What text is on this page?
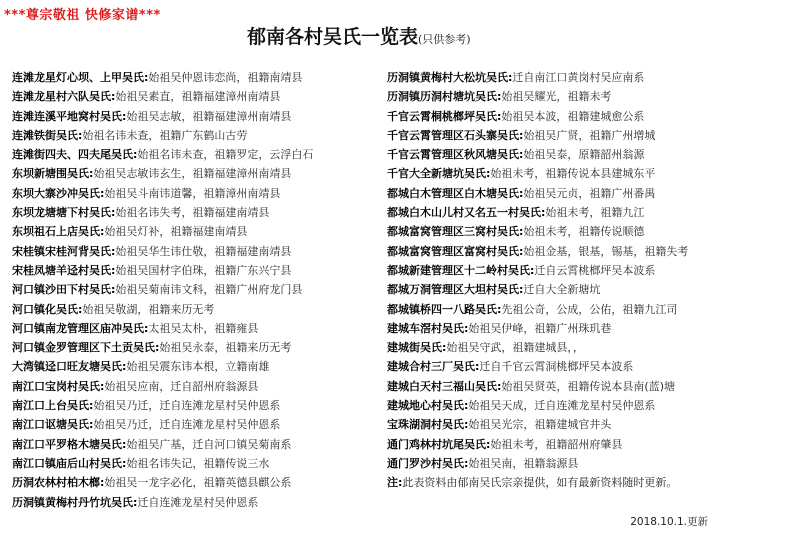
***尊宗敬祖 快修家谱***
郁南各村吴氏一览表(只供参考)
连滩龙星灯心坝、上甲吴氏:始祖吴仲恩讳恋尚，祖籍南靖县
连滩龙星村六队吴氏:始祖吴素直，祖籍福建漳州南靖县
连滩连溪平地窝村吴氏:始祖吴志敏，祖籍福建漳州南靖县
连滩铁街吴氏:始祖名讳未查，祖籍广东鹤山古劳
连滩街四夫、四夫尾吴氏:始祖名讳未查，祖籍罗定，云浮白石
东坝新塘围吴氏:始祖吴志敏讳玄生，祖籍福建漳州南靖县
东坝大寨沙冲吴氏:始祖吴斗南讳道馨，祖籍漳州南靖县
东坝龙塘塘下村吴氏:始祖名讳失考，祖籍福建南靖县
东坝祖石上店吴氏:始祖吴灯补，祖籍福建南靖县
宋桂镇宋桂河背吴氏:始祖吴华生讳仕敬，祖籍福建南靖县
宋桂凤塘羊迳村吴氏:始祖吴国材字伯珠，祖籍广东兴宁县
河口镇沙田下村吴氏:始祖吴菊南讳文科，祖籍广州府龙门县
河口镇化吴氏:始祖吴敬湖，祖籍来历无考
河口镇南龙管理区庙冲吴氏:太祖吴太朴，祖籍雍县
河口镇金罗管理区下土贡吴氏:始祖吴永泰，祖籍来历无考
大湾镇迳口旺友塘吴氏:始祖吴震东讳本根，立籍南雄
南江口宝岗村吴氏:始祖吴应南，迁自韶州府翁源县
南江口上台吴氏:始祖吴乃迁，迁自连滩龙星村吴仲恩系
南江口讴塘吴氏:始祖吴乃迁，迁自连滩龙星村吴仲恩系
南江口平罗格木塘吴氏:始祖吴广基，迁自河口镇吴菊南系
南江口镇庙后山村吴氏:始祖名讳失记，祖籍传说三水
历洞农林村柏木榔:始祖吴一龙字必化，祖籍英德县麒公系
历洞镇黄梅村丹竹坑吴氏:迁自连滩龙星村吴仲恩系
历洞镇黄梅村大松坑吴氏:迁自南江口黄岗村吴应南系
历洞镇历洞村塘坑吴氏:始祖吴耀光，祖籍未考
千官云霄桐桃榔坪吴氏:始祖吴本波，祖籍建城愈公系
千官云霄管理区石头寨吴氏:始祖吴广贤，祖籍广州增城
千官云霄管理区秋风塘吴氏:始祖吴泰，原籍韶州翁源
千官大全新塘坑吴氏:始祖未考，祖籍传说本县建城东平
都城白木管理区白木塘吴氏:始祖吴元贞，祖籍广州番禺
都城白木山儿村又名五一村吴氏:始祖未考，祖籍九江
都城富窝管理区三窝村吴氏:始祖未考，祖籍传说顺德
都城富窝管理区富窝村吴氏:始祖金基，银基，锡基，祖籍失考
都城新建管理区十二岭村吴氏:迁自云霄桃榔坪吴本波系
都城万洞管理区大坦村吴氏:迁自大全新塘坑
都城镇桥四一八路吴氏:先祖公奇，公成，公佑，祖籍九江司
建城车滘村吴氏:始祖吴伊峰，祖籍广州珠玑巷
建城街吴氏:始祖吴守武，祖籍建城县，，
建城合村三厂吴氏:迁自千官云霄洞桃榔坪吴本波系
建城白天村三福山吴氏:始祖吴贤英，祖籍传说本县南(蓝)塘
建城地心村吴氏:始祖吴天成，迁自连滩龙星村吴仲恩系
宝珠湖洞村吴氏:始祖吴光宗，祖籍建城官井头
通门鸡林村坑尾吴氏:始祖未考，祖籍韶州府肇县
通门罗沙村吴氏:始祖吴南，祖籍翁源县
注:此表资料由郁南吴氏宗亲提供，如有最新资料随时更新。
2018.10.1.更新
